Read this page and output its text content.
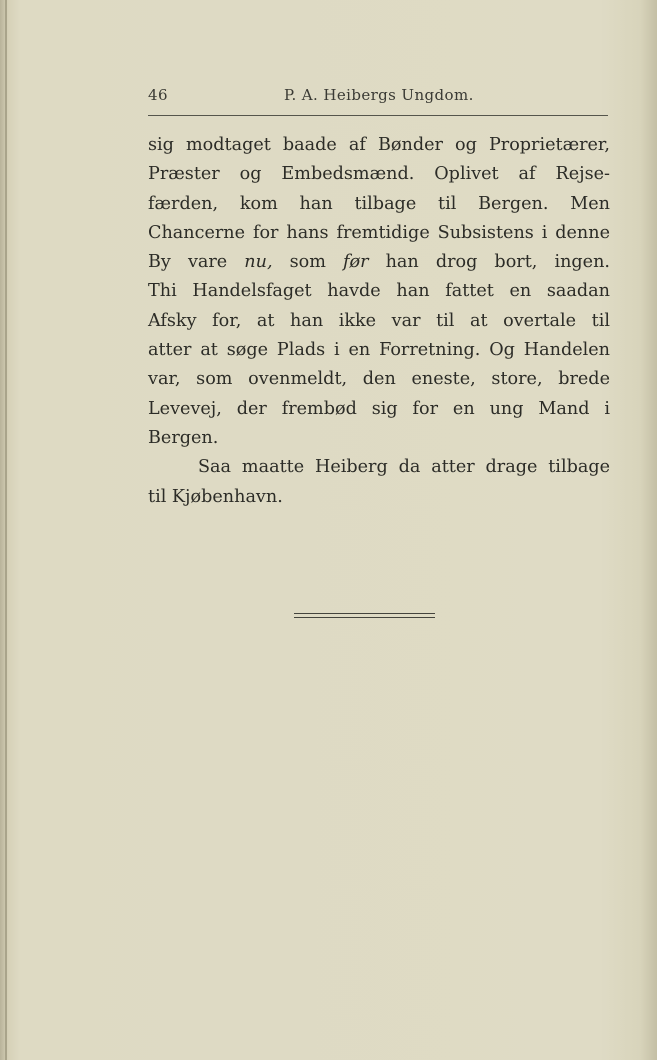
46	P. A. Heibergs Ungdom.
sig modtaget baade af Bønder og Proprietærer,
Præster og Embedsmænd. Oplivet af Rejse-
færden, kom han tilbage til Bergen. Men
Chancerne for hans fremtidige Subsistens i denne
By vare nu, som før han drog bort, ingen.
Thi Handelsfaget havde han fattet en saadan
Afsky for, at han ikke var til at overtale til
atter at søge Plads i en Forretning. Og Handelen
var, som ovenmeldt, den eneste, store, brede
Levevej, der frembød sig for en ung Mand i
Bergen.
Saa maatte Heiberg da atter drage tilbage
til Kjøbenhavn.
